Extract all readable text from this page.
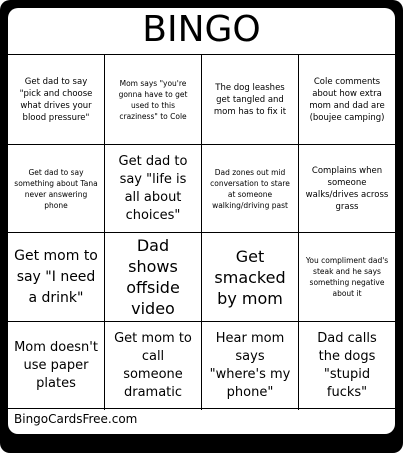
BINGO
Get dad to say "pick and choose what drives your blood pressure"
Mom says "you're gonna have to get used to this craziness" to Cole
The dog leashes get tangled and mom has to fix it
Cole comments about how extra mom and dad are (boujee camping)
Get dad to say something about Tana never answering phone
Get dad to say "life is all about choices"
Dad zones out mid conversation to stare at someone walking/driving past
Complains when someone walks/drives across grass
Get mom to say "I need a drink"
Dad shows offside video
Get smacked by mom
You compliment dad's steak and he says something negative about it
Mom doesn't use paper plates
Get mom to call someone dramatic
Hear mom says "where's my phone"
Dad calls the dogs "stupid fucks"
BingoCardsFree.com
